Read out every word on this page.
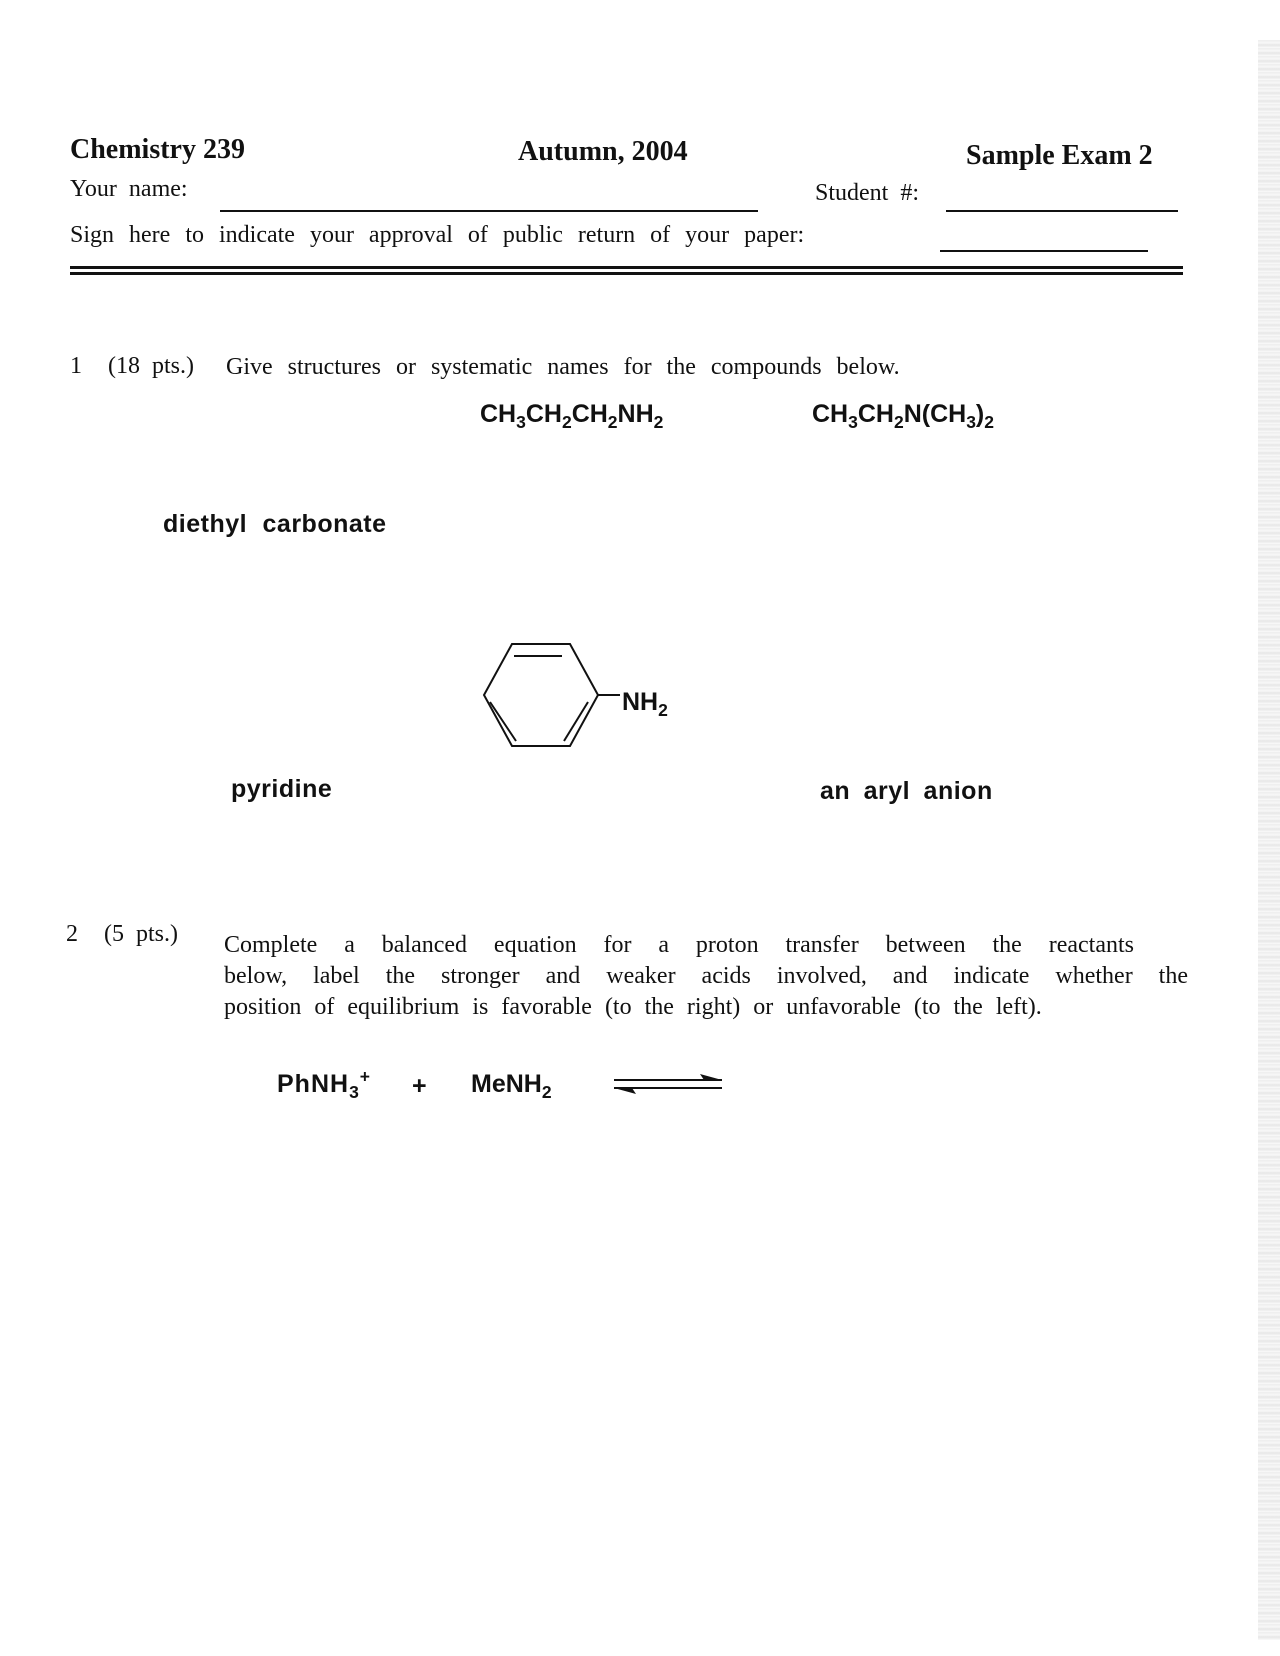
Chemistry 239	Autumn, 2004	Sample Exam 2
Your name:	Student #:
Sign here to indicate your approval of public return of your paper:
1 (18 pts.) Give structures or systematic names for the compounds below.
$CH_3CH_2CH_2NH_2$	$CH_3CH_2N(CH_3)_2$
diethyl carbonate
$NH_2$
pyridine	an aryl anion
2 (5 pts.) Complete a balanced equation for a proton transfer between the reactants
below, label the stronger and weaker acids involved, and indicate whether the
position of equilibrium is favorable (to the right) or unfavorable (to the left).
PhNH$_3$+ + MeNH$_2$
